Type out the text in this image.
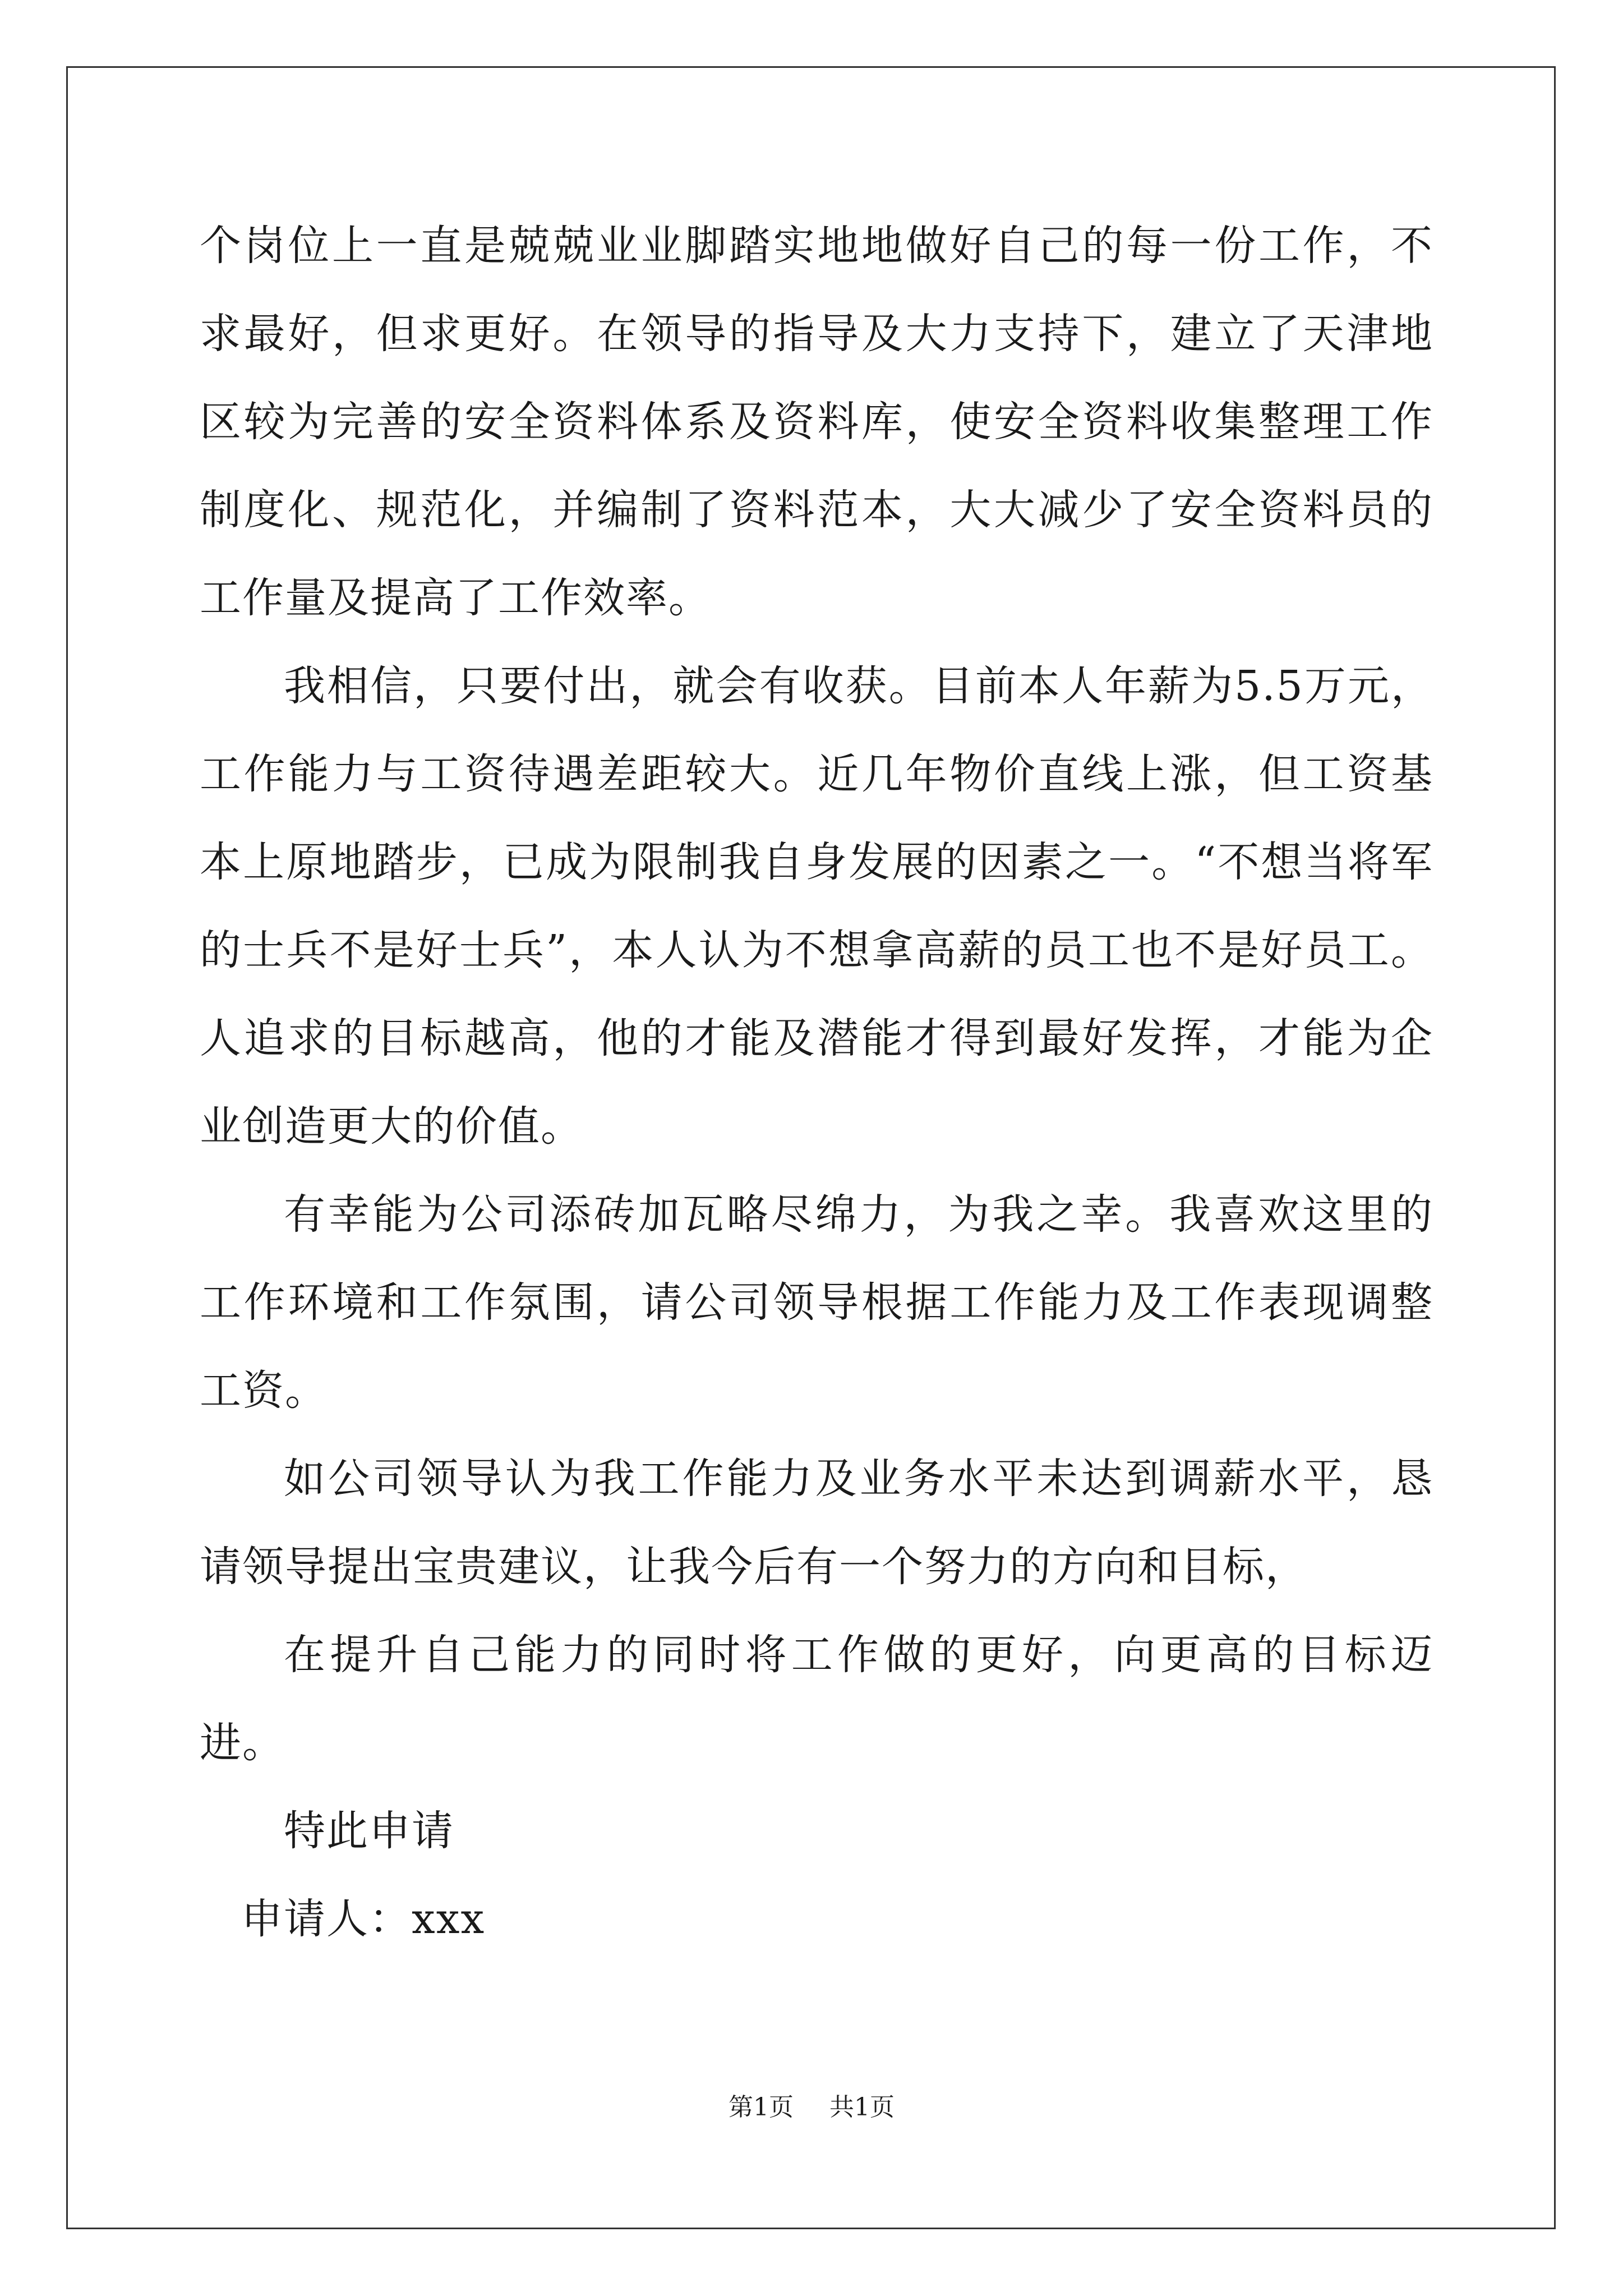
个岗位上一直是兢兢业业脚踏实地地做好自己的每一份工作，不求最好，但求更好。在领导的指导及大力支持下，建立了天津地区较为完善的安全资料体系及资料库，使安全资料收集整理工作制度化、规范化，并编制了资料范本，大大减少了安全资料员的工作量及提高了工作效率。

我相信，只要付出，就会有收获。目前本人年薪为5.5万元，工作能力与工资待遇差距较大。近几年物价直线上涨，但工资基本上原地踏步，已成为限制我自身发展的因素之一。“不想当将军的士兵不是好士兵”，本人认为不想拿高薪的员工也不是好员工。人追求的目标越高，他的才能及潜能才得到最好发挥，才能为企业创造更大的价值。

有幸能为公司添砖加瓦略尽绵力，为我之幸。我喜欢这里的工作环境和工作氛围，请公司领导根据工作能力及工作表现调整工资。

如公司领导认为我工作能力及业务水平未达到调薪水平，恳请领导提出宝贵建议，让我今后有一个努力的方向和目标，

在提升自己能力的同时将工作做的更好，向更高的目标迈进。

特此申请

申请人：xxx

第1页 共1页
